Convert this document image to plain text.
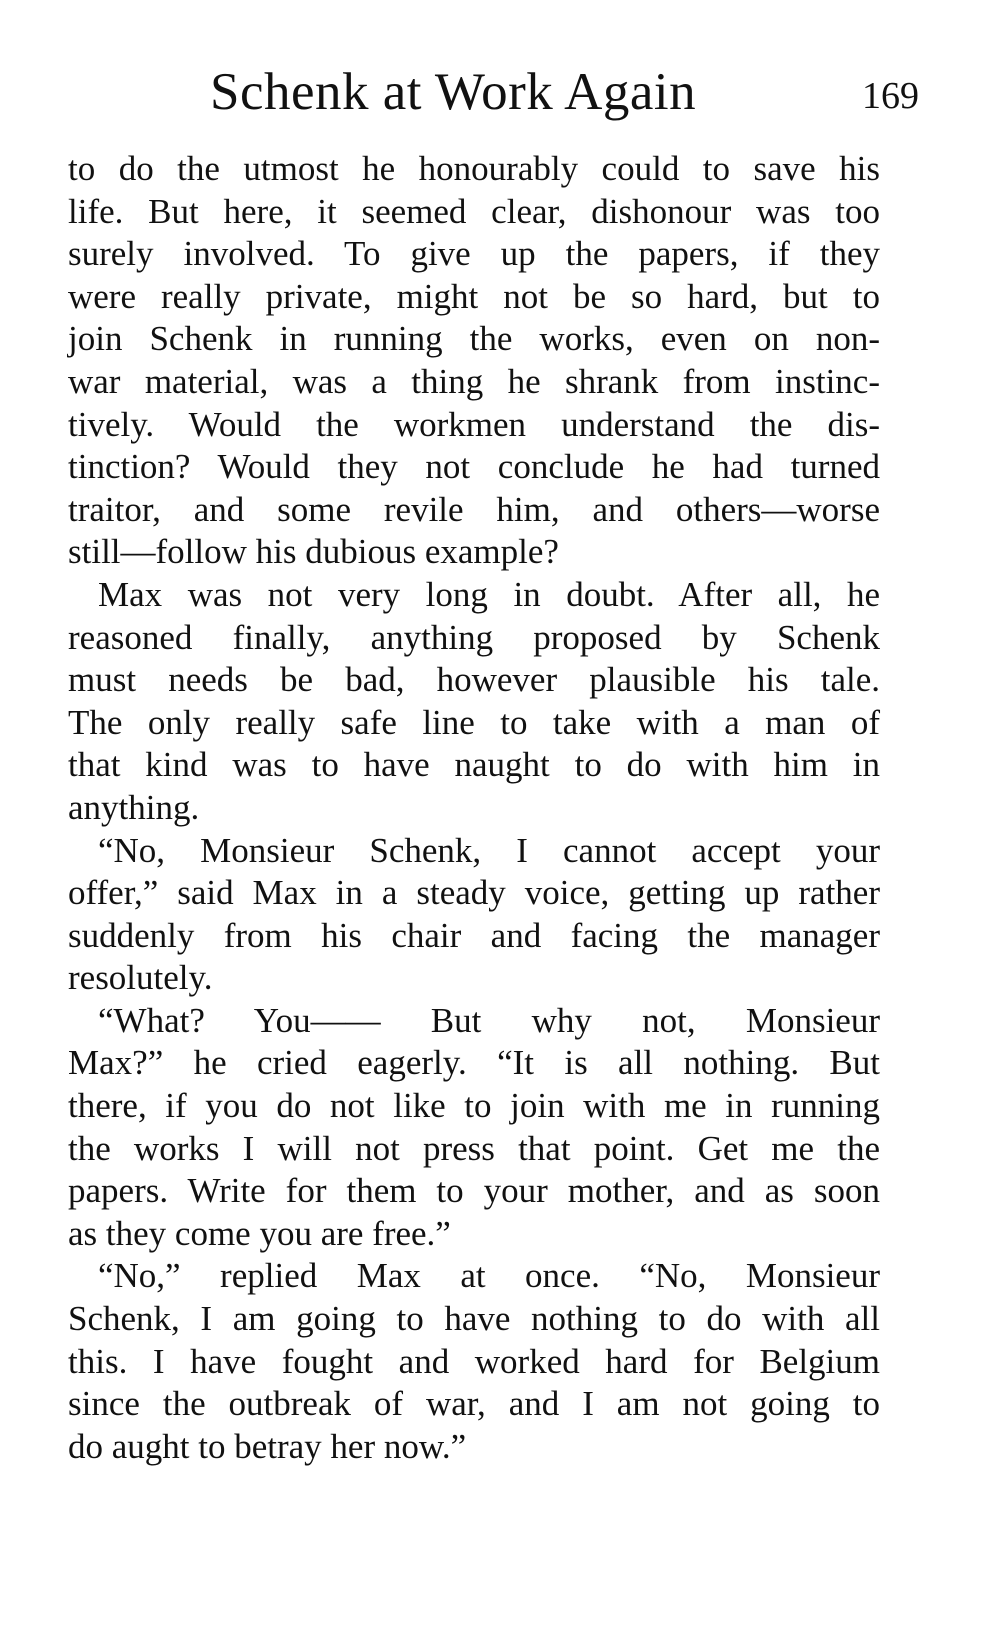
Schenk at Work Again	169
to do the utmost he honourably could to save his
life. But here, it seemed clear, dishonour was too
surely involved. To give up the papers, if they
were really private, might not be so hard, but to
join Schenk in running the works, even on non-
war material, was a thing he shrank from instinc-
tively. Would the workmen understand the dis-
tinction? Would they not conclude he had turned
traitor, and some revile him, and others—worse
still—follow his dubious example?
Max was not very long in doubt. After all, he
reasoned finally, anything proposed by Schenk
must needs be bad, however plausible his tale.
The only really safe line to take with a man of
that kind was to have naught to do with him in
anything.
“No, Monsieur Schenk, I cannot accept your
offer,” said Max in a steady voice, getting up rather
suddenly from his chair and facing the manager
resolutely.
“What? You—— But why not, Monsieur
Max?” he cried eagerly. “It is all nothing. But
there, if you do not like to join with me in running
the works I will not press that point. Get me the
papers. Write for them to your mother, and as soon
as they come you are free.”
“No,” replied Max at once. “No, Monsieur
Schenk, I am going to have nothing to do with all
this. I have fought and worked hard for Belgium
since the outbreak of war, and I am not going to
do aught to betray her now.”
